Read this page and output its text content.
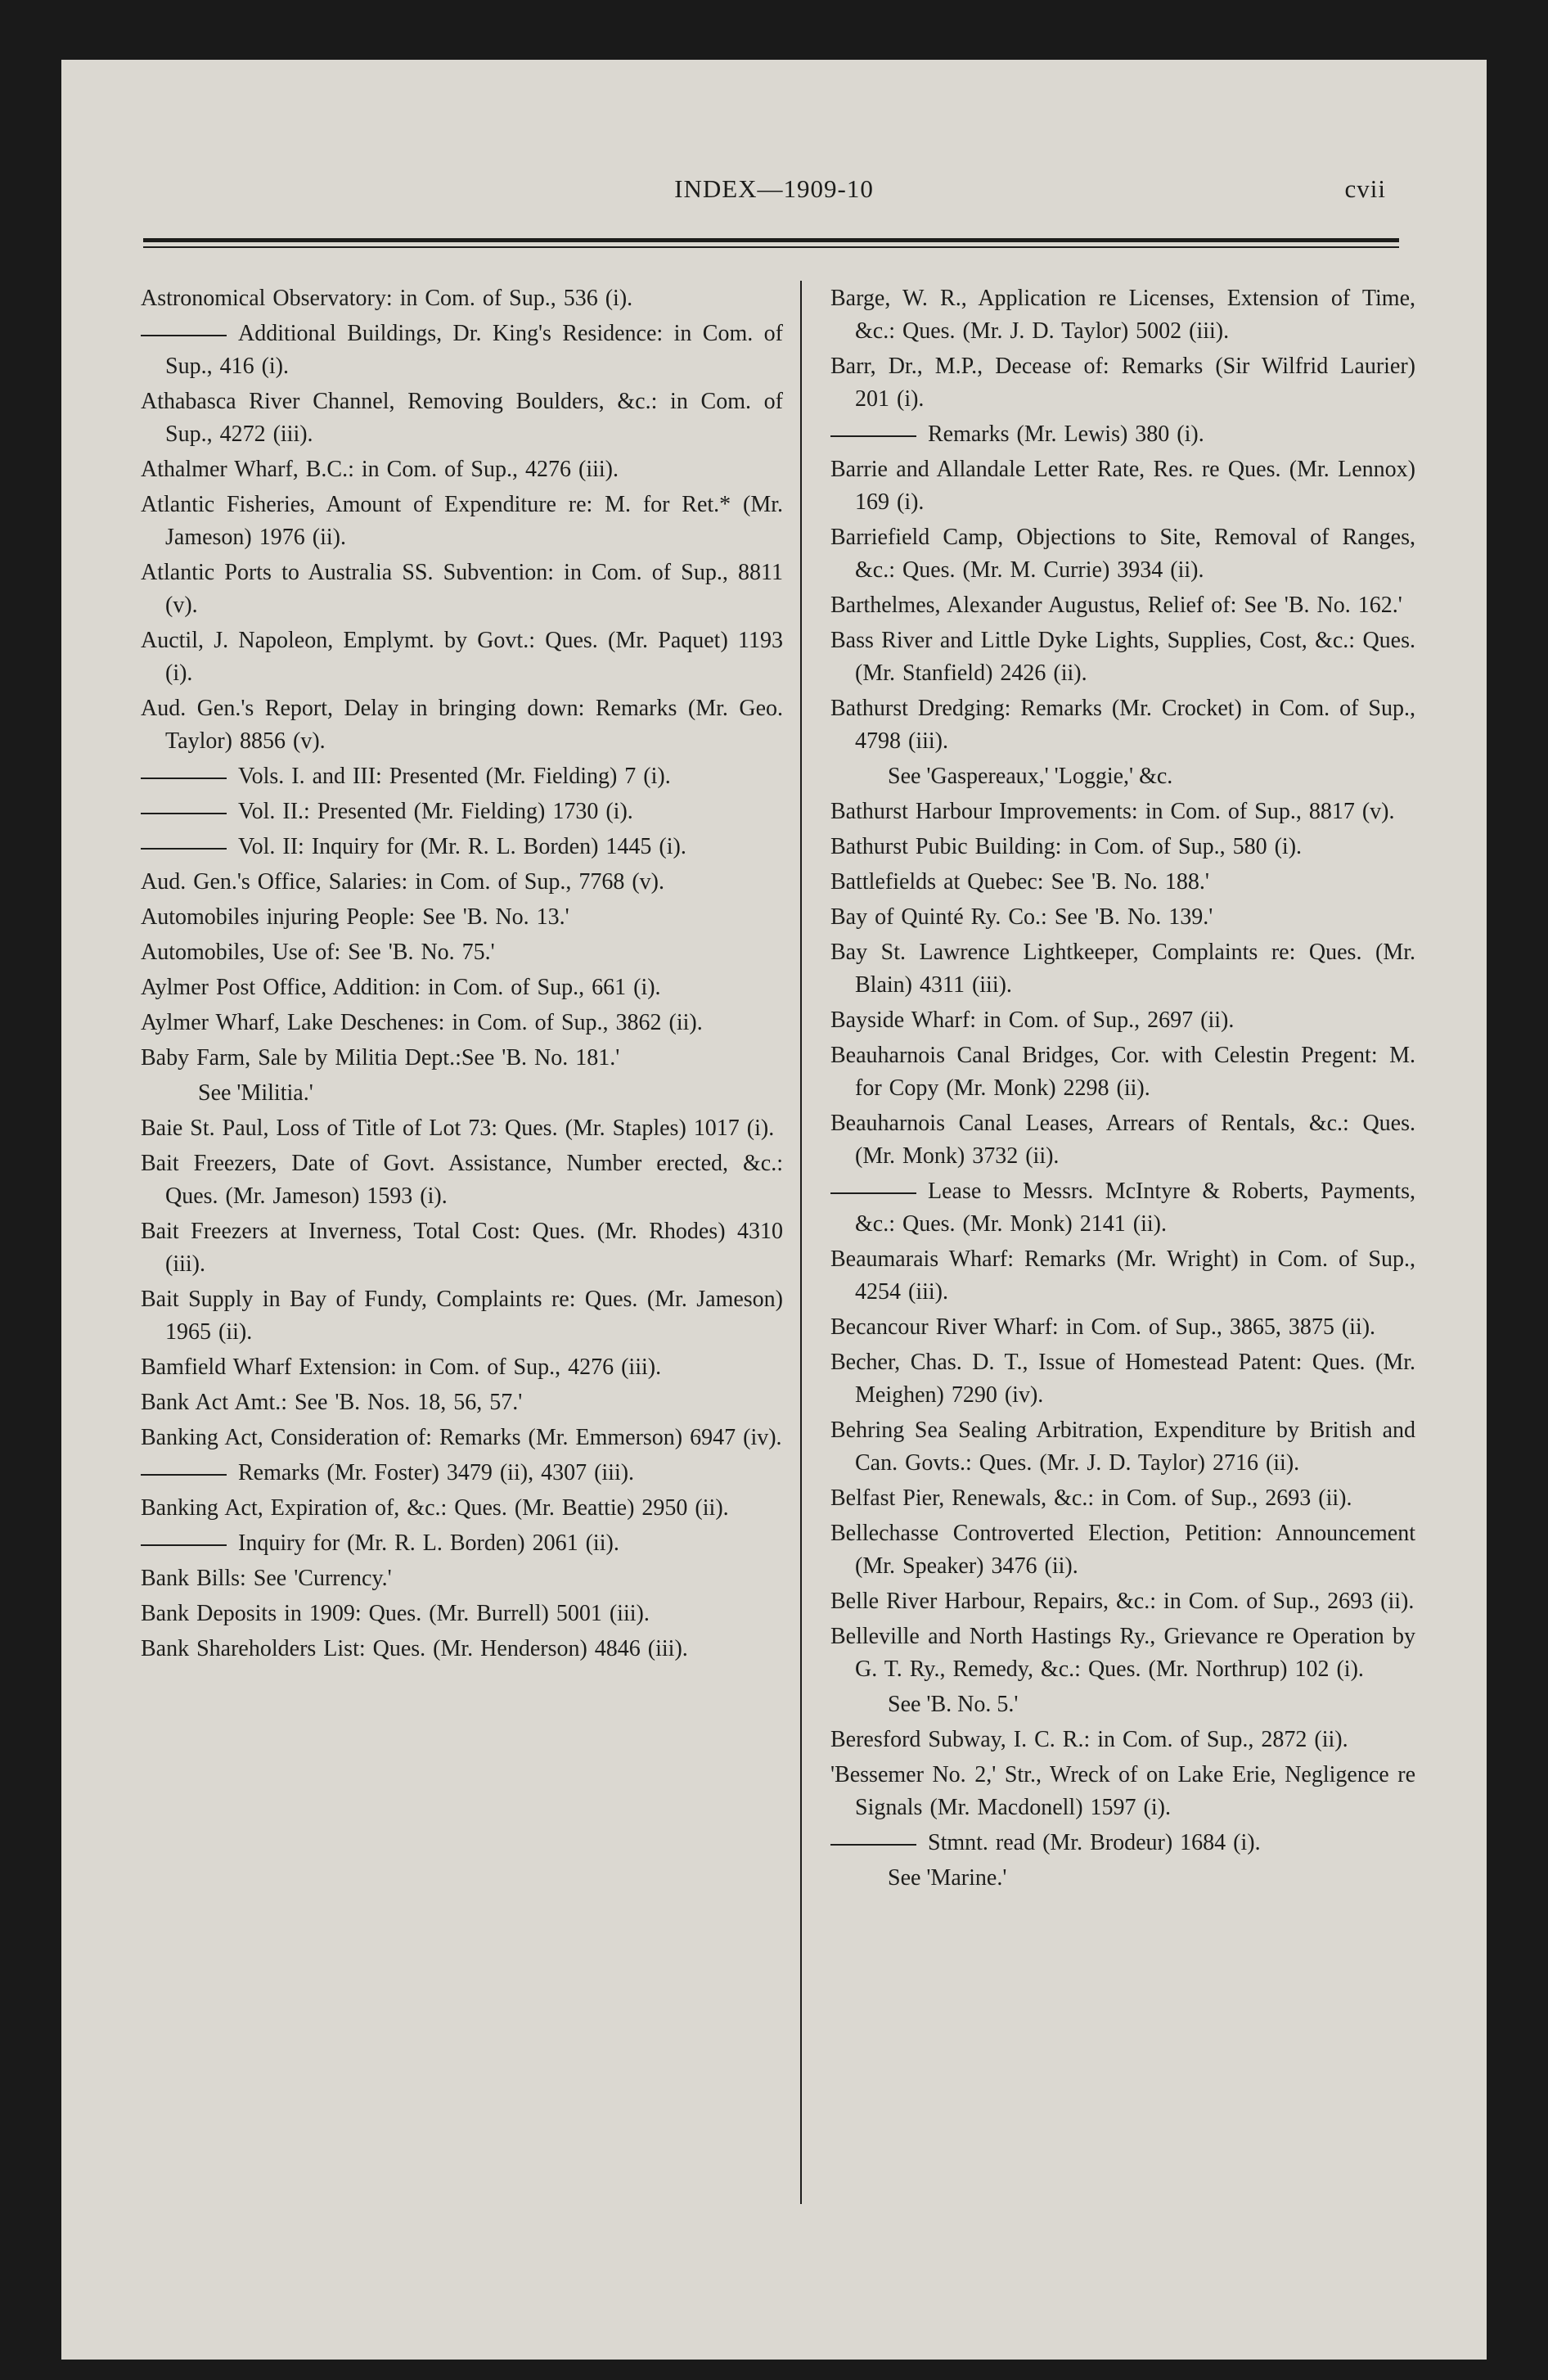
INDEX—1909-10	cvii

Astronomical Observatory: in Com. of Sup., 536 (i).

Additional Buildings, Dr. King's Residence: in Com. of Sup., 416 (i).

Athabasca River Channel, Removing Boulders, &c.: in Com. of Sup., 4272 (iii).

Athalmer Wharf, B.C.: in Com. of Sup., 4276 (iii).

Atlantic Fisheries, Amount of Expenditure re: M. for Ret.* (Mr. Jameson) 1976 (ii).

Atlantic Ports to Australia SS. Subvention: in Com. of Sup., 8811 (v).

Auctil, J. Napoleon, Emplymt. by Govt.: Ques. (Mr. Paquet) 1193 (i).

Aud. Gen.'s Report, Delay in bringing down: Remarks (Mr. Geo. Taylor) 8856 (v).

Vols. I. and III: Presented (Mr. Fielding) 7 (i).

Vol. II.: Presented (Mr. Fielding) 1730 (i).

Vol. II: Inquiry for (Mr. R. L. Borden) 1445 (i).

Aud. Gen.'s Office, Salaries: in Com. of Sup., 7768 (v).

Automobiles injuring People: See 'B. No. 13.'

Automobiles, Use of: See 'B. No. 75.'

Aylmer Post Office, Addition: in Com. of Sup., 661 (i).

Aylmer Wharf, Lake Deschenes: in Com. of Sup., 3862 (ii).

Baby Farm, Sale by Militia Dept.:See 'B. No. 181.'

See 'Militia.'

Baie St. Paul, Loss of Title of Lot 73: Ques. (Mr. Staples) 1017 (i).

Bait Freezers, Date of Govt. Assistance, Number erected, &c.: Ques. (Mr. Jameson) 1593 (i).

Bait Freezers at Inverness, Total Cost: Ques. (Mr. Rhodes) 4310 (iii).

Bait Supply in Bay of Fundy, Complaints re: Ques. (Mr. Jameson) 1965 (ii).

Bamfield Wharf Extension: in Com. of Sup., 4276 (iii).

Bank Act Amt.: See 'B. Nos. 18, 56, 57.'

Banking Act, Consideration of: Remarks (Mr. Emmerson) 6947 (iv).

Remarks (Mr. Foster) 3479 (ii), 4307 (iii).

Banking Act, Expiration of, &c.: Ques. (Mr. Beattie) 2950 (ii).

Inquiry for (Mr. R. L. Borden) 2061 (ii).

Bank Bills: See 'Currency.'

Bank Deposits in 1909: Ques. (Mr. Burrell) 5001 (iii).

Bank Shareholders List: Ques. (Mr. Henderson) 4846 (iii).

Barge, W. R., Application re Licenses, Extension of Time, &c.: Ques. (Mr. J. D. Taylor) 5002 (iii).

Barr, Dr., M.P., Decease of: Remarks (Sir Wilfrid Laurier) 201 (i).

Remarks (Mr. Lewis) 380 (i).

Barrie and Allandale Letter Rate, Res. re Ques. (Mr. Lennox) 169 (i).

Barriefield Camp, Objections to Site, Removal of Ranges, &c.: Ques. (Mr. M. Currie) 3934 (ii).

Barthelmes, Alexander Augustus, Relief of: See 'B. No. 162.'

Bass River and Little Dyke Lights, Supplies, Cost, &c.: Ques. (Mr. Stanfield) 2426 (ii).

Bathurst Dredging: Remarks (Mr. Crocket) in Com. of Sup., 4798 (iii).

See 'Gaspereaux,' 'Loggie,' &c.

Bathurst Harbour Improvements: in Com. of Sup., 8817 (v).

Bathurst Pubic Building: in Com. of Sup., 580 (i).

Battlefields at Quebec: See 'B. No. 188.'

Bay of Quinté Ry. Co.: See 'B. No. 139.'

Bay St. Lawrence Lightkeeper, Complaints re: Ques. (Mr. Blain) 4311 (iii).

Bayside Wharf: in Com. of Sup., 2697 (ii).

Beauharnois Canal Bridges, Cor. with Celestin Pregent: M. for Copy (Mr. Monk) 2298 (ii).

Beauharnois Canal Leases, Arrears of Rentals, &c.: Ques. (Mr. Monk) 3732 (ii).

Lease to Messrs. McIntyre & Roberts, Payments, &c.: Ques. (Mr. Monk) 2141 (ii).

Beaumarais Wharf: Remarks (Mr. Wright) in Com. of Sup., 4254 (iii).

Becancour River Wharf: in Com. of Sup., 3865, 3875 (ii).

Becher, Chas. D. T., Issue of Homestead Patent: Ques. (Mr. Meighen) 7290 (iv).

Behring Sea Sealing Arbitration, Expenditure by British and Can. Govts.: Ques. (Mr. J. D. Taylor) 2716 (ii).

Belfast Pier, Renewals, &c.: in Com. of Sup., 2693 (ii).

Bellechasse Controverted Election, Petition: Announcement (Mr. Speaker) 3476 (ii).

Belle River Harbour, Repairs, &c.: in Com. of Sup., 2693 (ii).

Belleville and North Hastings Ry., Grievance re Operation by G. T. Ry., Remedy, &c.: Ques. (Mr. Northrup) 102 (i).

See 'B. No. 5.'

Beresford Subway, I. C. R.: in Com. of Sup., 2872 (ii).

'Bessemer No. 2,' Str., Wreck of on Lake Erie, Negligence re Signals (Mr. Macdonell) 1597 (i).

Stmnt. read (Mr. Brodeur) 1684 (i).

See 'Marine.'
